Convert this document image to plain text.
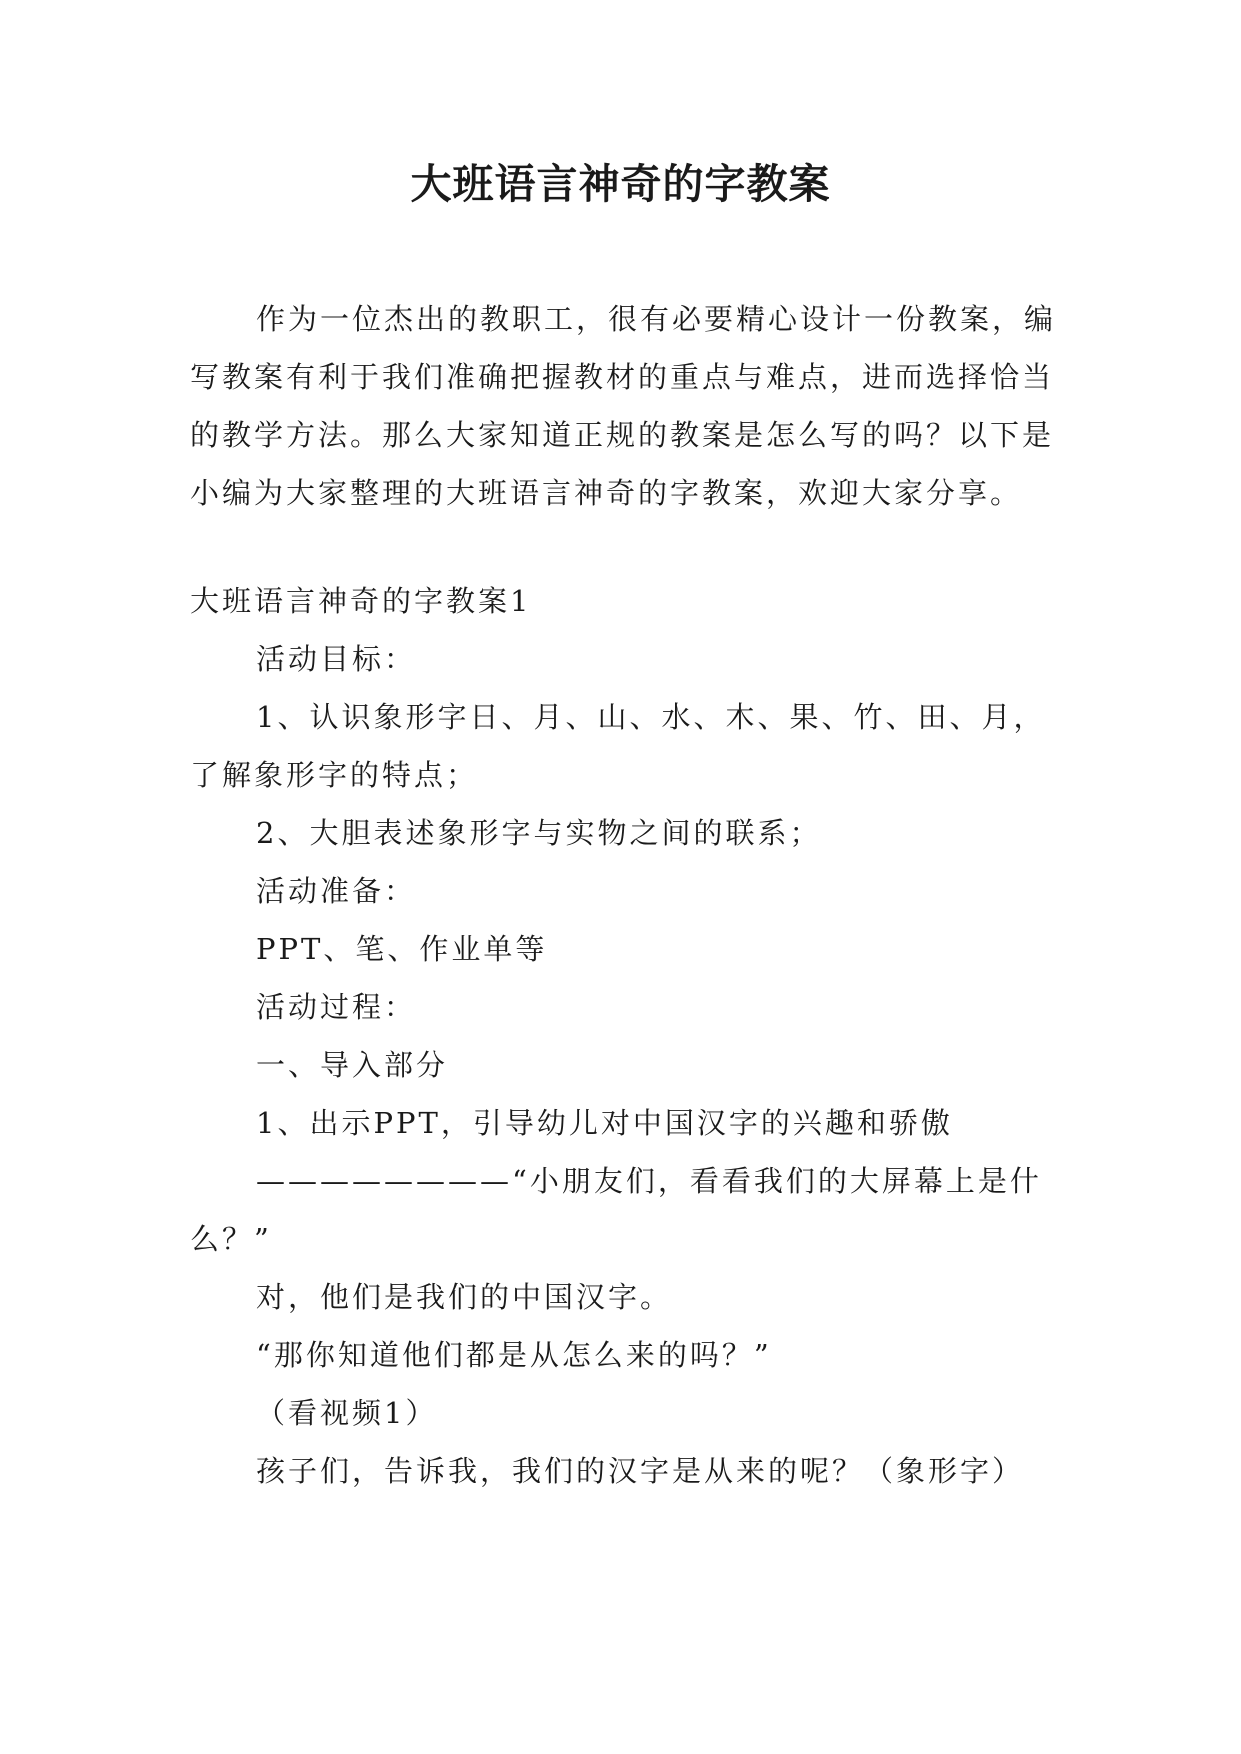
大班语言神奇的字教案

作为一位杰出的教职工，很有必要精心设计一份教案，编写教案有利于我们准确把握教材的重点与难点，进而选择恰当的教学方法。那么大家知道正规的教案是怎么写的吗？以下是小编为大家整理的大班语言神奇的字教案，欢迎大家分享。

大班语言神奇的字教案1

活动目标：

1、认识象形字日、月、山、水、木、果、竹、田、月，了解象形字的特点；

2、大胆表述象形字与实物之间的联系；

活动准备：

PPT、笔、作业单等

活动过程：

一、导入部分

1、出示PPT，引导幼儿对中国汉字的兴趣和骄傲

————————“小朋友们，看看我们的大屏幕上是什么？”

对，他们是我们的中国汉字。

“那你知道他们都是从怎么来的吗？”

（看视频1）

孩子们，告诉我，我们的汉字是从来的呢？（象形字）
